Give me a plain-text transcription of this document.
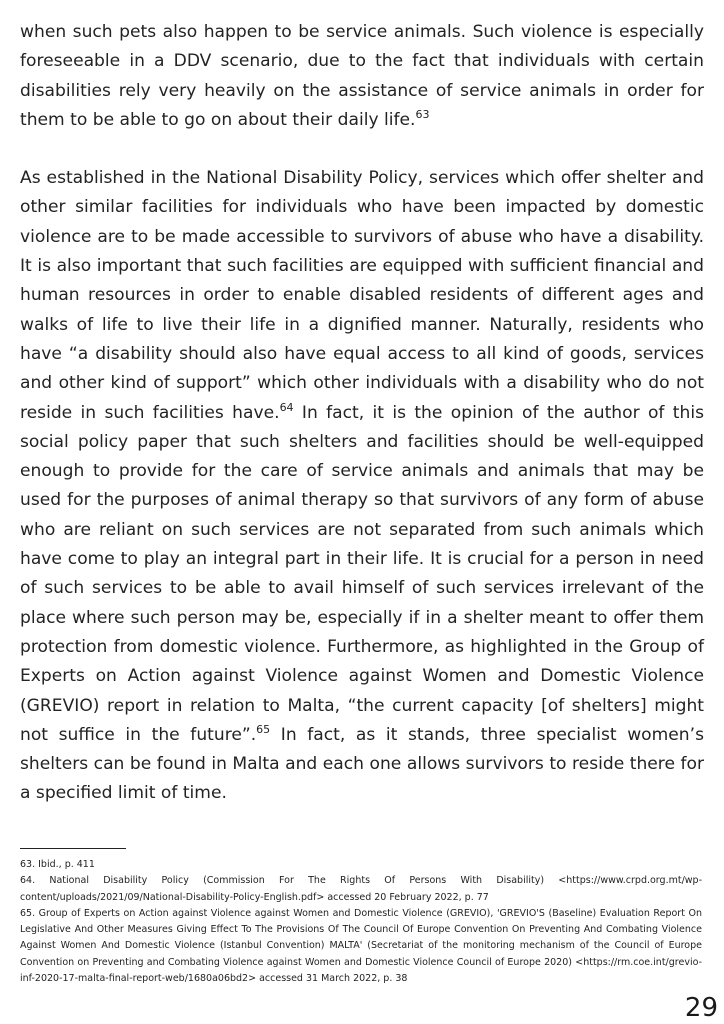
when such pets also happen to be service animals. Such violence is especially foreseeable in a DDV scenario, due to the fact that individuals with certain disabilities rely very heavily on the assistance of service animals in order for them to be able to go on about their daily life.$^{63}$

As established in the National Disability Policy, services which offer shelter and other similar facilities for individuals who have been impacted by domestic violence are to be made accessible to survivors of abuse who have a disability. It is also important that such facilities are equipped with sufficient financial and human resources in order to enable disabled residents of different ages and walks of life to live their life in a dignified manner. Naturally, residents who have “a disability should also have equal access to all kind of goods, services and other kind of support” which other individuals with a disability who do not reside in such facilities have.$^{64}$ In fact, it is the opinion of the author of this social policy paper that such shelters and facilities should be well-equipped enough to provide for the care of service animals and animals that may be used for the purposes of animal therapy so that survivors of any form of abuse who are reliant on such services are not separated from such animals which have come to play an integral part in their life. It is crucial for a person in need of such services to be able to avail himself of such services irrelevant of the place where such person may be, especially if in a shelter meant to offer them protection from domestic violence. Furthermore, as highlighted in the Group of Experts on Action against Violence against Women and Domestic Violence (GREVIO) report in relation to Malta, “the current capacity [of shelters] might not suffice in the future”.$^{65}$ In fact, as it stands, three specialist women’s shelters can be found in Malta and each one allows survivors to reside there for a specified limit of time.

63. Ibid., p. 411

64. National Disability Policy (Commission For The Rights Of Persons With Disability) <https://www.crpd.org.mt/wp-content/uploads/2021/09/National-Disability-Policy-English.pdf> accessed 20 February 2022, p. 77

65. Group of Experts on Action against Violence against Women and Domestic Violence (GREVIO), 'GREVIO'S (Baseline) Evaluation Report On Legislative And Other Measures Giving Effect To The Provisions Of The Council Of Europe Convention On Preventing And Combating Violence Against Women And Domestic Violence (Istanbul Convention) MALTA' (Secretariat of the monitoring mechanism of the Council of Europe Convention on Preventing and Combating Violence against Women and Domestic Violence Council of Europe 2020) <https://rm.coe.int/grevio-inf-2020-17-malta-final-report-web/1680a06bd2> accessed 31 March 2022, p. 38

29
